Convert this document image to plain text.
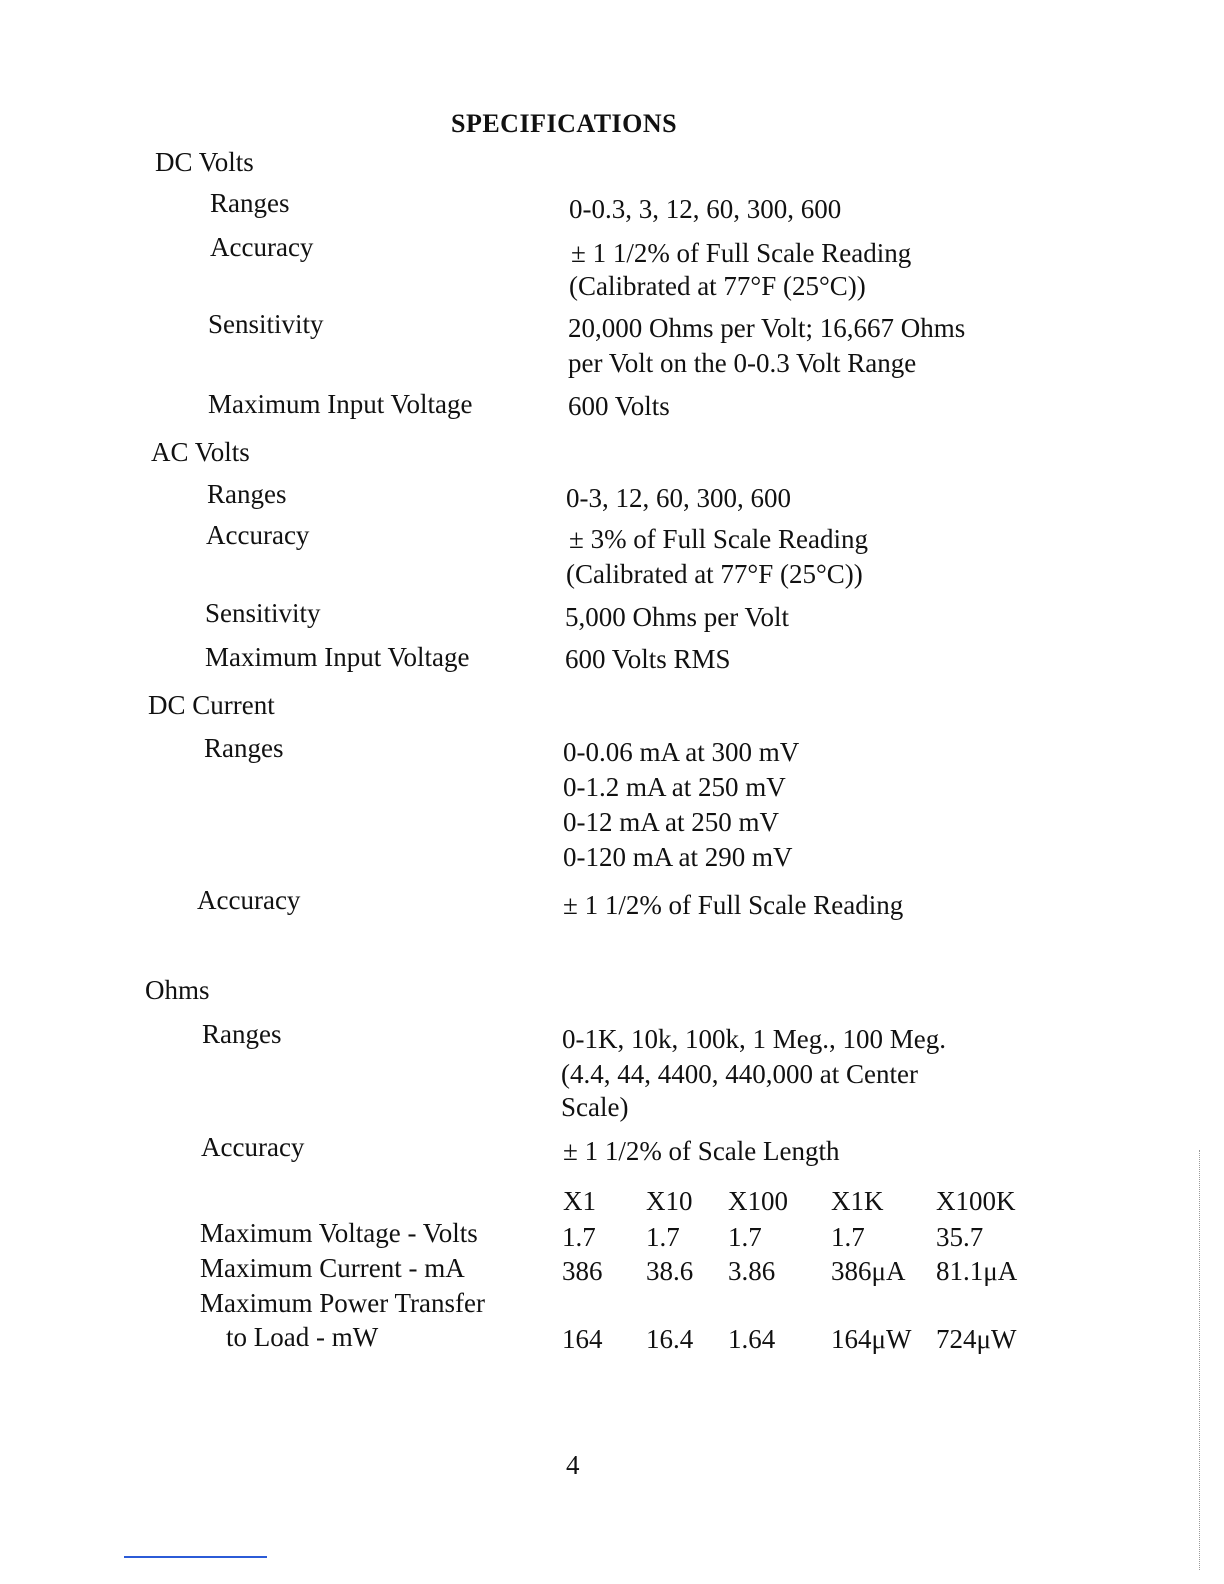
SPECIFICATIONS
DC Volts
Ranges	0-0.3, 3, 12, 60, 300, 600
Accuracy	± 1 1/2% of Full Scale Reading
(Calibrated at 77°F (25°C))
Sensitivity	20,000 Ohms per Volt; 16,667 Ohms
per Volt on the 0-0.3 Volt Range
Maximum Input Voltage	600 Volts
AC Volts
Ranges	0-3, 12, 60, 300, 600
Accuracy	± 3% of Full Scale Reading
(Calibrated at 77°F (25°C))
Sensitivity	5,000 Ohms per Volt
Maximum Input Voltage	600 Volts RMS
DC Current
Ranges	0-0.06 mA at 300 mV
0-1.2 mA at 250 mV
0-12 mA at 250 mV
0-120 mA at 290 mV
Accuracy	± 1 1/2% of Full Scale Reading
Ohms
Ranges	0-1K, 10k, 100k, 1 Meg., 100 Meg.
(4.4, 44, 4400, 440,000 at Center
Scale)
Accuracy	± 1 1/2% of Scale Length
X1 X10 X100 X1K X100K
Maximum Voltage - Volts	1.7 1.7 1.7	1.7	35.7
Maximum Current - mA	386 38.6 3.86 386μA 81.1μA
Maximum Power Transfer
to Load - mW	164 16.4 1.64 164μW 724μW
4
